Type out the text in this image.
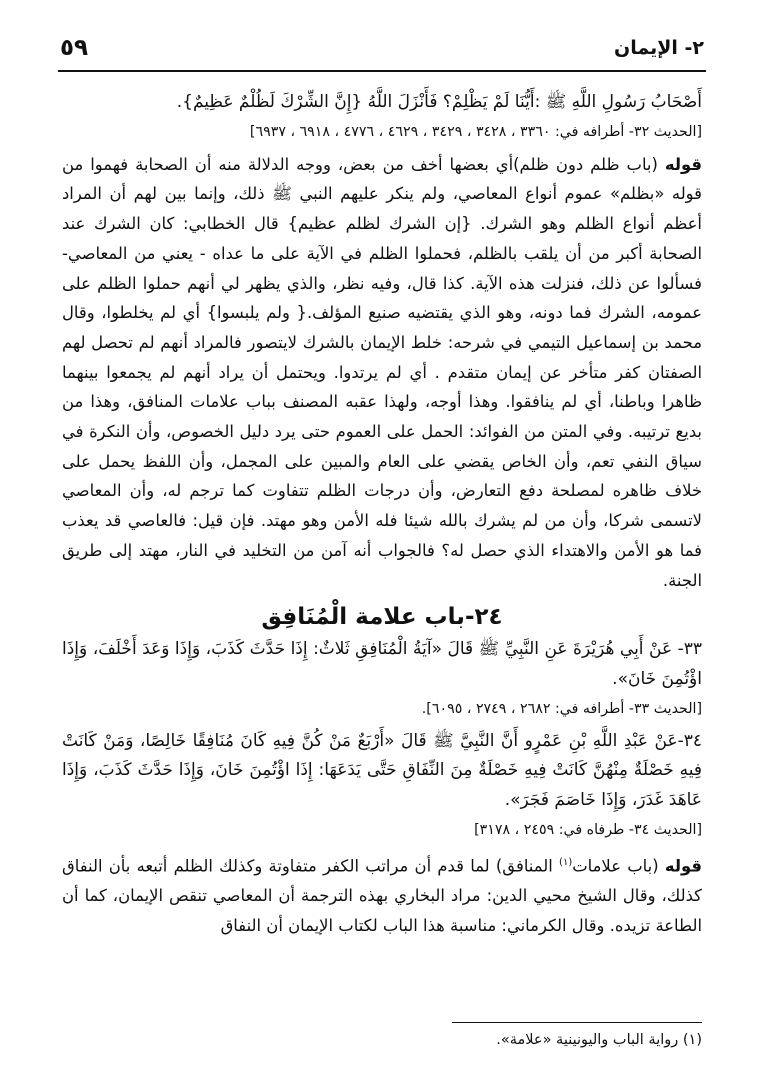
٥٩	٢- الإيمان

أَصْحَابُ رَسُولِ اللَّهِ ﷺ :أَيُّنَا لَمْ يَظْلِمْ؟ فَأَنْزَلَ اللَّهُ {إِنَّ الشِّرْكَ لَظُلْمٌ عَظِيمٌ}.

[الحديث ٣٢- أطرافه في: ٣٣٦٠ ، ٣٤٢٨ ، ٣٤٢٩ ، ٤٦٢٩ ، ٤٧٧٦ ، ٦٩١٨ ، ٦٩٣٧]

قوله (باب ظلم دون ظلم)أي بعضها أخف من بعض، ووجه الدلالة منه أن الصحابة فهموا من قوله «بظلم» عموم أنواع المعاصي، ولم ينكر عليهم النبي ﷺ ذلك، وإنما بين لهم أن المراد أعظم أنواع الظلم وهو الشرك. {إن الشرك لظلم عظيم} قال الخطابي: كان الشرك عند الصحابة أكبر من أن يلقب بالظلم، فحملوا الظلم في الآية على ما عداه - يعني من المعاصي- فسألوا عن ذلك، فنزلت هذه الآية. كذا قال، وفيه نظر، والذي يظهر لي أنهم حملوا الظلم على عمومه، الشرك فما دونه، وهو الذي يقتضيه صنيع المؤلف.{ ولم يلبسوا} أي لم يخلطوا، وقال محمد بن إسماعيل التيمي في شرحه: خلط الإيمان بالشرك لايتصور فالمراد أنهم لم تحصل لهم الصفتان كفر متأخر عن إيمان متقدم . أي لم يرتدوا. ويحتمل أن يراد أنهم لم يجمعوا بينهما ظاهرا وباطنا، أي لم ينافقوا. وهذا أوجه، ولهذا عقبه المصنف بباب علامات المنافق، وهذا من بديع ترتيبه. وفي المتن من الفوائد: الحمل على العموم حتى يرد دليل الخصوص، وأن النكرة في سياق النفي تعم، وأن الخاص يقضي على العام والمبين على المجمل، وأن اللفظ يحمل على خلاف ظاهره لمصلحة دفع التعارض، وأن درجات الظلم تتفاوت كما ترجم له، وأن المعاصي لاتسمى شركا، وأن من لم يشرك بالله شيئا فله الأمن وهو مهتد. فإن قيل: فالعاصي قد يعذب فما هو الأمن والاهتداء الذي حصل له؟ فالجواب أنه آمن من التخليد في النار، مهتد إلى طريق الجنة.

٢٤-باب علامة الْمُنَافِق

٣٣- عَنْ أَبِي هُرَيْرَةَ عَنِ النَّبِيِّ ﷺ قَالَ «آيَةُ الْمُنَافِقِ ثَلاثٌ: إِذَا حَدَّثَ كَذَبَ، وَإِذَا وَعَدَ أَخْلَفَ، وَإِذَا اؤْتُمِنَ خَانَ».

[الحديث ٣٣- أطرافه في: ٢٦٨٢ ، ٢٧٤٩ ، ٦٠٩٥].

٣٤-عَنْ عَبْدِ اللَّهِ بْنِ عَمْرٍو أَنَّ النَّبِيَّ ﷺ قَالَ «أَرْبَعٌ مَنْ كُنَّ فِيهِ كَانَ مُنَافِقًا خَالِصًا، وَمَنْ كَانَتْ فِيهِ خَصْلَةٌ مِنْهُنَّ كَانَتْ فِيهِ خَصْلَةٌ مِنَ النِّفَاقِ حَتَّى يَدَعَهَا: إِذَا اؤْتُمِنَ خَانَ، وَإِذَا حَدَّثَ كَذَبَ، وَإِذَا عَاهَدَ غَدَرَ، وَإِذَا خَاصَمَ فَجَرَ».

[الحديث ٣٤- طرفاه في: ٢٤٥٩ ، ٣١٧٨]

قوله (باب علامات$^{(١)}$ المنافق) لما قدم أن مراتب الكفر متفاوتة وكذلك الظلم أتبعه بأن النفاق كذلك، وقال الشيخ محيي الدين: مراد البخاري بهذه الترجمة أن المعاصي تنقص الإيمان، كما أن الطاعة تزيده. وقال الكرماني: مناسبة هذا الباب لكتاب الإيمان أن النفاق

(١) رواية الباب واليونينية «علامة».
